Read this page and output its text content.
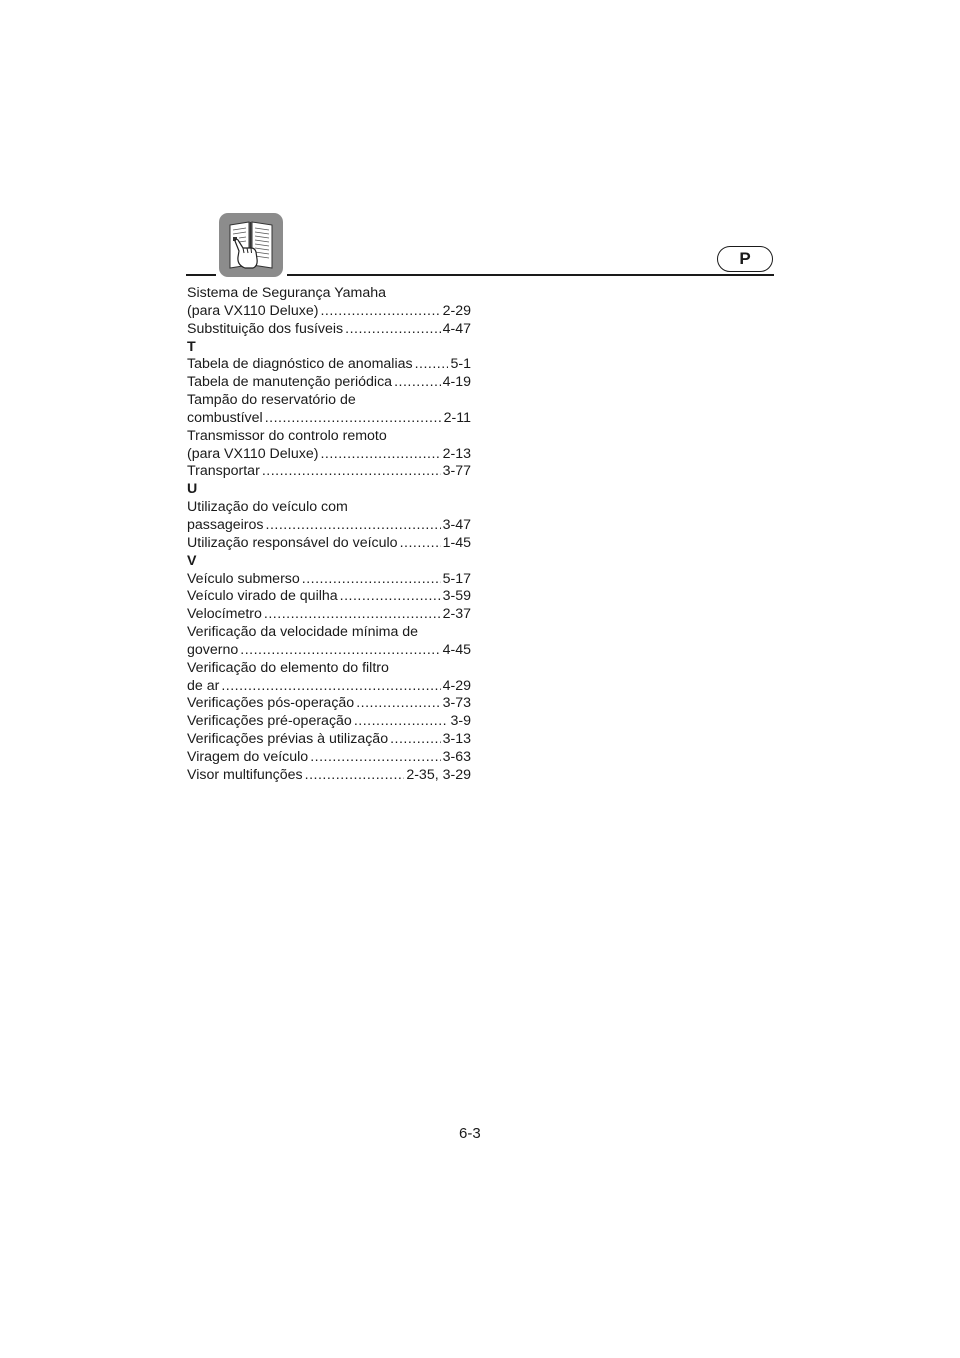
P
Sistema de Segurança Yamaha
(para VX110 Deluxe) .....	2-29
Substituição dos fusíveis .....	4-47
T
Tabela de diagnóstico de anomalias .....	5-1
Tabela de manutenção periódica .....	4-19
Tampão do reservatório de
combustível .....	2-11
Transmissor do controlo remoto
(para VX110 Deluxe) .....	2-13
Transportar .....	3-77
U
Utilização do veículo com
passageiros .....	3-47
Utilização responsável do veículo .....	1-45
V
Veículo submerso .....	5-17
Veículo virado de quilha .....	3-59
Velocímetro .....	2-37
Verificação da velocidade mínima de
governo .....	4-45
Verificação do elemento do filtro
de ar .....	4-29
Verificações pós-operação .....	3-73
Verificações pré-operação .....	3-9
Verificações prévias à utilização .....	3-13
Viragem do veículo .....	3-63
Visor multifunções .....	2-35, 3-29
6-3
